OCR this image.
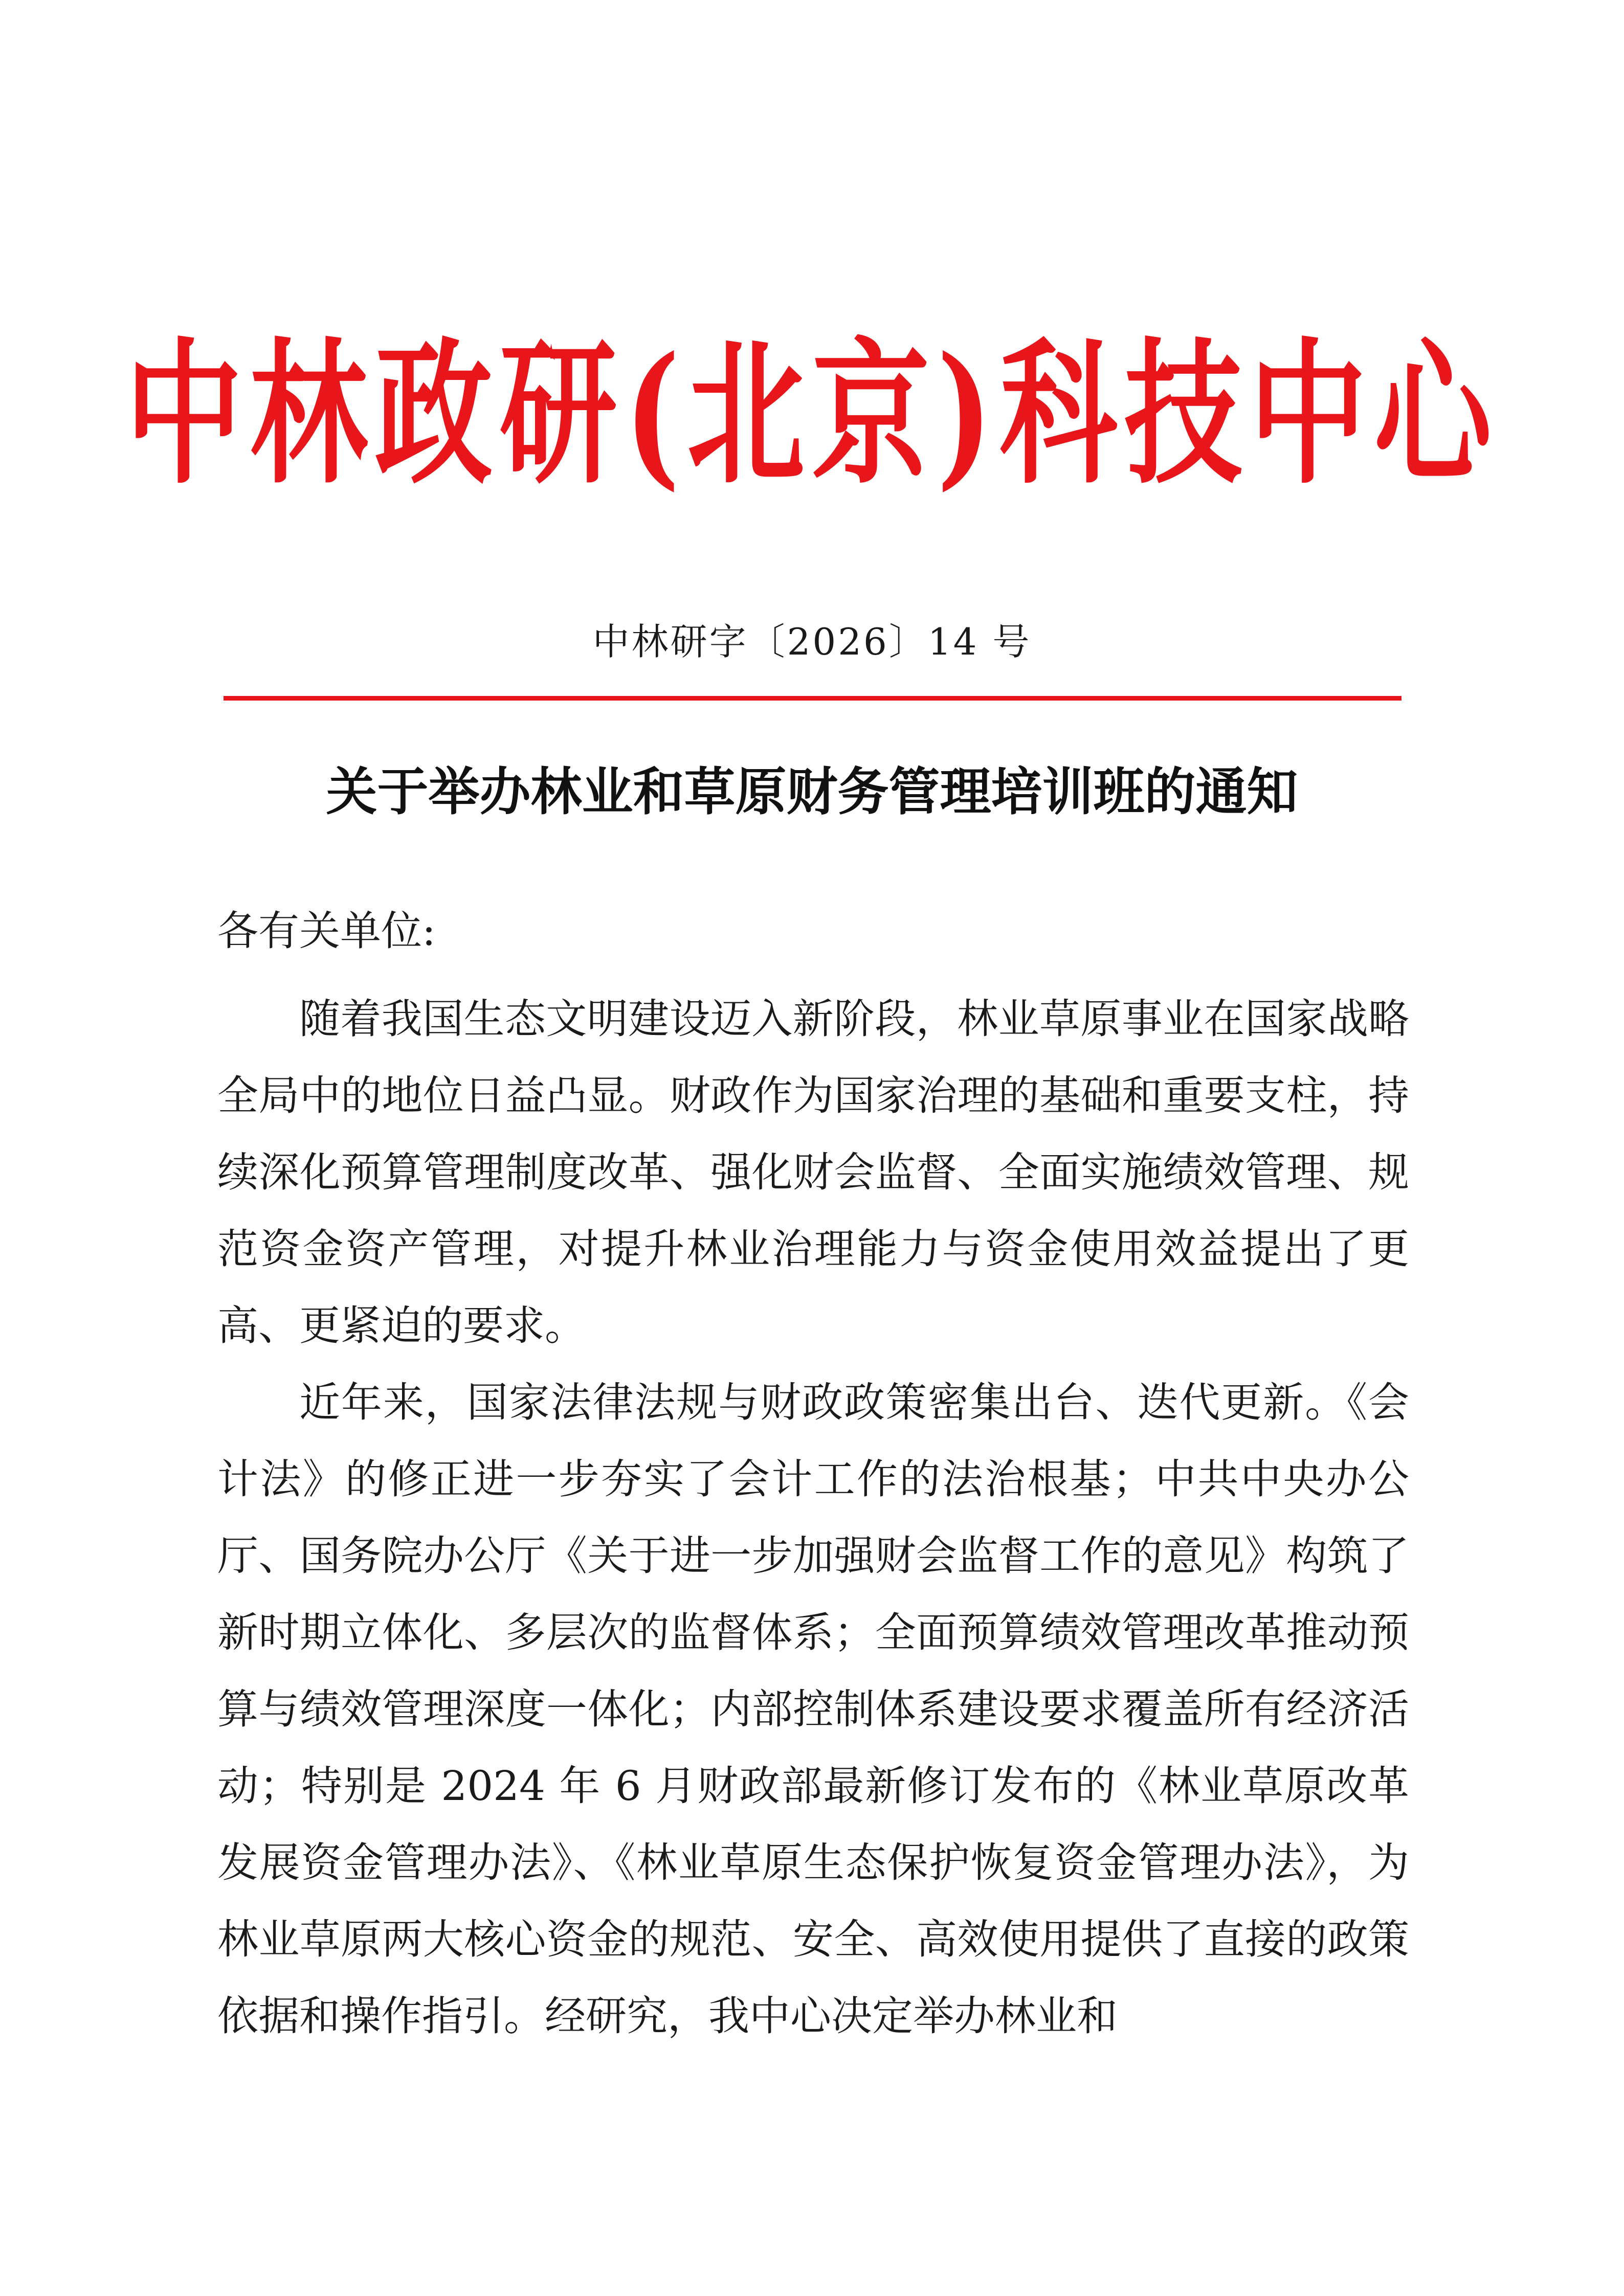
中林政研(北京)科技中心
中林研字〔2026〕14 号
关于举办林业和草原财务管理培训班的通知
各有关单位:

随着我国生态文明建设迈入新阶段，林业草原事业在国家战略全局中的地位日益凸显。财政作为国家治理的基础和重要支柱，持续深化预算管理制度改革、强化财会监督、全面实施绩效管理、规范资金资产管理，对提升林业治理能力与资金使用效益提出了更高、更紧迫的要求。

近年来，国家法律法规与财政政策密集出台、迭代更新。《会计法》的修正进一步夯实了会计工作的法治根基；中共中央办公厅、国务院办公厅《关于进一步加强财会监督工作的意见》构筑了新时期立体化、多层次的监督体系；全面预算绩效管理改革推动预算与绩效管理深度一体化；内部控制体系建设要求覆盖所有经济活动；特别是 2024 年 6 月财政部最新修订发布的《林业草原改革发展资金管理办法》、《林业草原生态保护恢复资金管理办法》，为林业草原两大核心资金的规范、安全、高效使用提供了直接的政策依据和操作指引。经研究，我中心决定举办林业和
